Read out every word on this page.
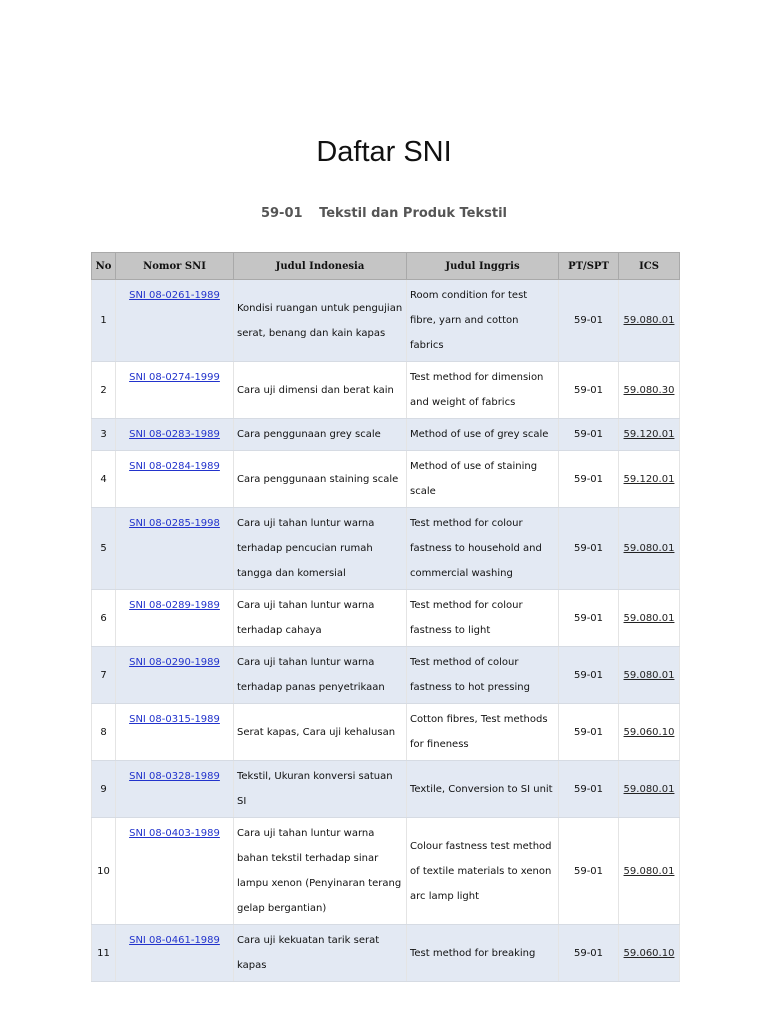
Daftar SNI
59-01 Tekstil dan Produk Tekstil
No	Nomor SNI	Judul Indonesia	Judul Inggris	PT/SPT	ICS
1	SNI 08-0261-1989	Kondisi ruangan untuk pengujian serat, benang dan kain kapas	Room condition for test fibre, yarn and cotton fabrics	59-01	59.080.01
2	SNI 08-0274-1999	Cara uji dimensi dan berat kain	Test method for dimension and weight of fabrics	59-01	59.080.30
3	SNI 08-0283-1989	Cara penggunaan grey scale	Method of use of grey scale	59-01	59.120.01
4	SNI 08-0284-1989	Cara penggunaan staining scale	Method of use of staining scale	59-01	59.120.01
5	SNI 08-0285-1998	Cara uji tahan luntur warna terhadap pencucian rumah tangga dan komersial	Test method for colour fastness to household and commercial washing	59-01	59.080.01
6	SNI 08-0289-1989	Cara uji tahan luntur warna terhadap cahaya	Test method for colour fastness to light	59-01	59.080.01
7	SNI 08-0290-1989	Cara uji tahan luntur warna terhadap panas penyetrikaan	Test method of colour fastness to hot pressing	59-01	59.080.01
8	SNI 08-0315-1989	Serat kapas, Cara uji kehalusan	Cotton fibres, Test methods for fineness	59-01	59.060.10
9	SNI 08-0328-1989	Tekstil, Ukuran konversi satuan SI	Textile, Conversion to SI unit	59-01	59.080.01
10	SNI 08-0403-1989	Cara uji tahan luntur warna bahan tekstil terhadap sinar lampu xenon (Penyinaran terang gelap bergantian)	Colour fastness test method of textile materials to xenon arc lamp light	59-01	59.080.01
11	SNI 08-0461-1989	Cara uji kekuatan tarik serat kapas	Test method for breaking	59-01	59.060.10
